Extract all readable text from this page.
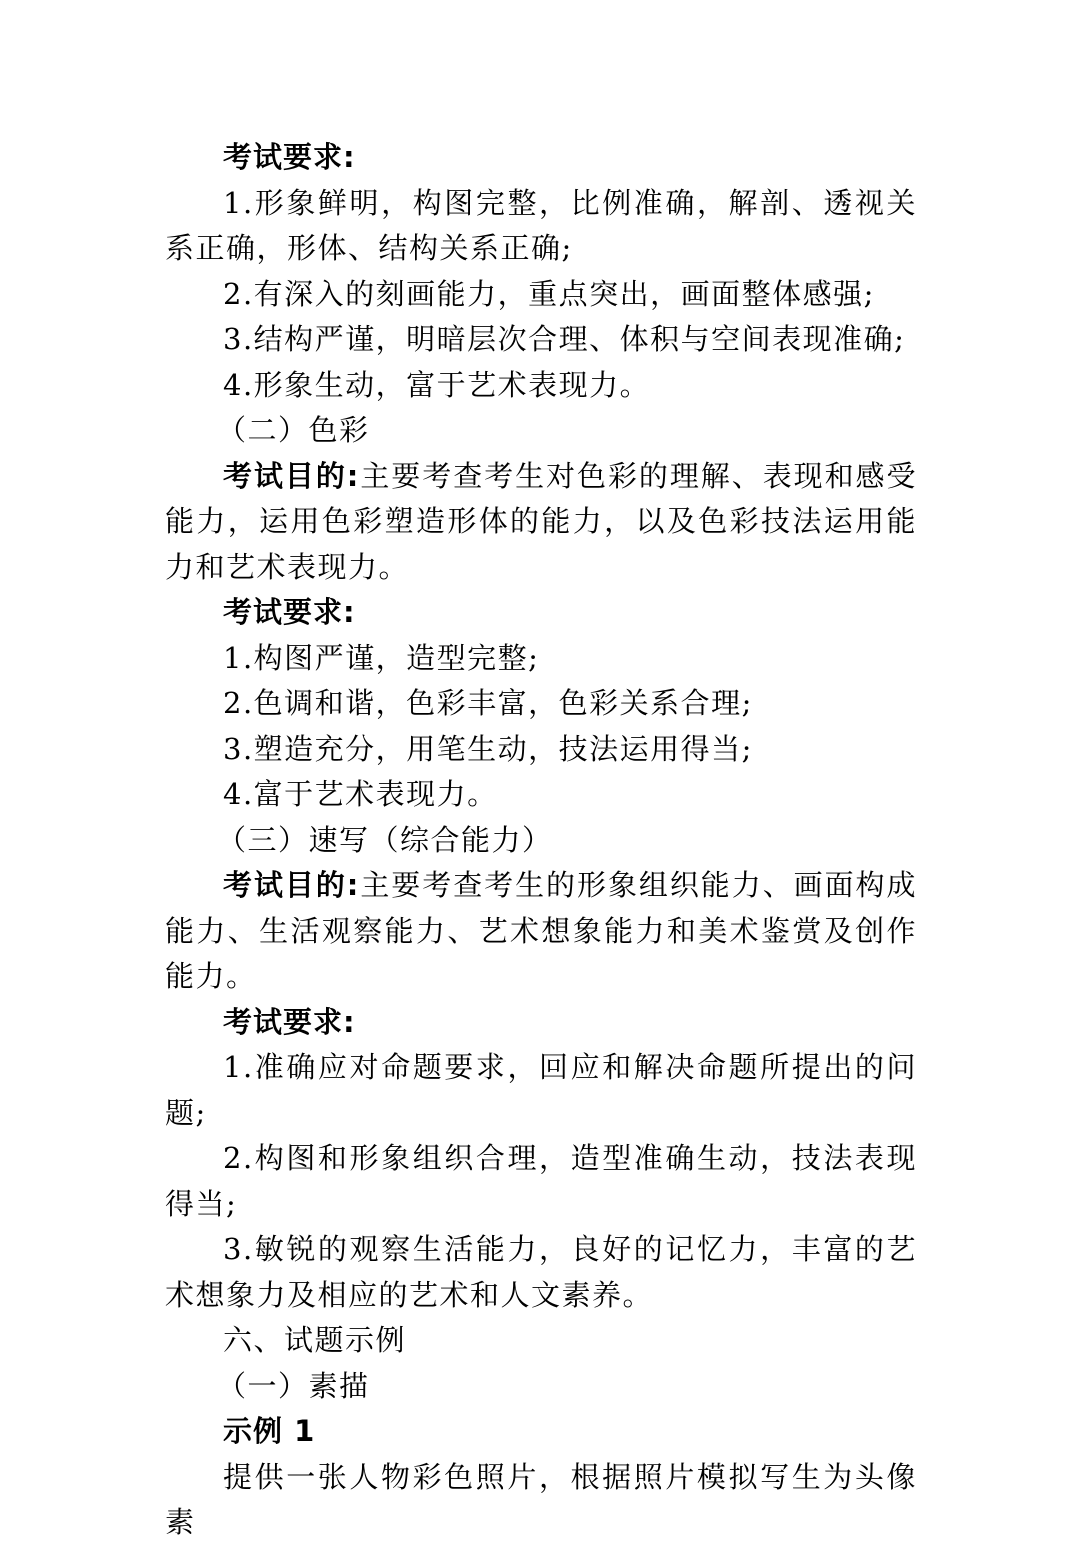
考试要求:

1.形象鲜明，构图完整，比例准确，解剖、透视关系正确，形体、结构关系正确;

2.有深入的刻画能力，重点突出，画面整体感强;

3.结构严谨，明暗层次合理、体积与空间表现准确;

4.形象生动，富于艺术表现力。

（二）色彩

考试目的:主要考查考生对色彩的理解、表现和感受能力，运用色彩塑造形体的能力，以及色彩技法运用能力和艺术表现力。

考试要求:

1.构图严谨，造型完整;

2.色调和谐，色彩丰富，色彩关系合理;

3.塑造充分，用笔生动，技法运用得当;

4.富于艺术表现力。

（三）速写（综合能力）

考试目的:主要考查考生的形象组织能力、画面构成能力、生活观察能力、艺术想象能力和美术鉴赏及创作能力。

考试要求:

1.准确应对命题要求，回应和解决命题所提出的问题;

2.构图和形象组织合理，造型准确生动，技法表现得当;

3.敏锐的观察生活能力，良好的记忆力，丰富的艺术想象力及相应的艺术和人文素养。

六、试题示例

（一）素描

示例 1

提供一张人物彩色照片，根据照片模拟写生为头像素
